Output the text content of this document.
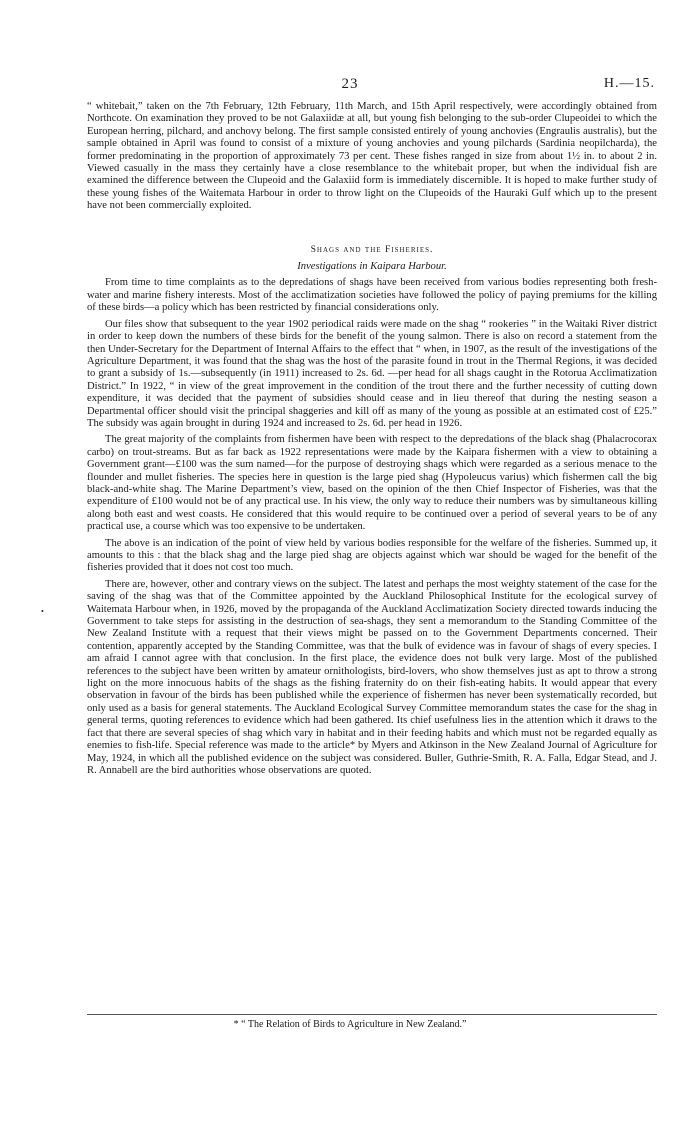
23	H.—15.

“ whitebait,” taken on the 7th February, 12th February, 11th March, and 15th April respectively, were accordingly obtained from Northcote. On examination they proved to be not Galaxiidæ at all, but young fish belonging to the sub-order Clupeoidei to which the European herring, pilchard, and anchovy belong. The first sample consisted entirely of young anchovies (Engraulis australis), but the sample obtained in April was found to consist of a mixture of young anchovies and young pilchards (Sardinia neopilchardа), the former predominating in the proportion of approximately 73 per cent. These fishes ranged in size from about 1½ in. to about 2 in. Viewed casually in the mass they certainly have a close resemblance to the whitebait proper, but when the individual fish are examined the difference between the Clupeoid and the Galaxiid form is immediately discernible. It is hoped to make further study of these young fishes of the Waitemata Harbour in order to throw light on the Clupeoids of the Hauraki Gulf which up to the present have not been commercially exploited.

Shags and the Fisheries.
Investigations in Kaipara Harbour.

From time to time complaints as to the depredations of shags have been received from various bodies representing both fresh-water and marine fishery interests. Most of the acclimatization societies have followed the policy of paying premiums for the killing of these birds—a policy which has been restricted by financial considerations only.

Our files show that subsequent to the year 1902 periodical raids were made on the shag “ rookeries ” in the Waitaki River district in order to keep down the numbers of these birds for the benefit of the young salmon. There is also on record a statement from the then Under-Secretary for the Department of Internal Affairs to the effect that “ when, in 1907, as the result of the investigations of the Agriculture Department, it was found that the shag was the host of the parasite found in trout in the Thermal Regions, it was decided to grant a subsidy of 1s.—subsequently (in 1911) increased to 2s. 6d. —per head for all shags caught in the Rotorua Acclimatization District.” In 1922, “ in view of the great improvement in the condition of the trout there and the further necessity of cutting down expenditure, it was decided that the payment of subsidies should cease and in lieu thereof that during the nesting season a Departmental officer should visit the principal shaggeries and kill off as many of the young as possible at an estimated cost of £25.” The subsidy was again brought in during 1924 and increased to 2s. 6d. per head in 1926.

The great majority of the complaints from fishermen have been with respect to the depredations of the black shag (Phalacrocorax carbo) on trout-streams. But as far back as 1922 representations were made by the Kaipara fishermen with a view to obtaining a Government grant—£100 was the sum named—for the purpose of destroying shags which were regarded as a serious menace to the flounder and mullet fisheries. The species here in question is the large pied shag (Hypoleucus varius) which fishermen call the big black-and-white shag. The Marine Department’s view, based on the opinion of the then Chief Inspector of Fisheries, was that the expenditure of £100 would not be of any practical use. In his view, the only way to reduce their numbers was by simultaneous killing along both east and west coasts. He considered that this would require to be continued over a period of several years to be of any practical use, a course which was too expensive to be undertaken.

The above is an indication of the point of view held by various bodies responsible for the welfare of the fisheries. Summed up, it amounts to this : that the black shag and the large pied shag are objects against which war should be waged for the benefit of the fisheries provided that it does not cost too much.

There are, however, other and contrary views on the subject. The latest and perhaps the most weighty statement of the case for the saving of the shag was that of the Committee appointed by the Auckland Philosophical Institute for the ecological survey of Waitemata Harbour when, in 1926, moved by the propaganda of the Auckland Acclimatization Society directed towards inducing the Government to take steps for assisting in the destruction of sea-shags, they sent a memorandum to the Standing Committee of the New Zealand Institute with a request that their views might be passed on to the Government Departments concerned. Their contention, apparently accepted by the Standing Committee, was that the bulk of evidence was in favour of shags of every species. I am afraid I cannot agree with that conclusion. In the first place, the evidence does not bulk very large. Most of the published references to the subject have been written by amateur ornithologists, bird-lovers, who show themselves just as apt to throw a strong light on the more innocuous habits of the shags as the fishing fraternity do on their fish-eating habits. It would appear that every observation in favour of the birds has been published while the experience of fishermen has never been systematically recorded, but only used as a basis for general statements. The Auckland Ecological Survey Committee memorandum states the case for the shag in general terms, quoting references to evidence which had been gathered. Its chief usefulness lies in the attention which it draws to the fact that there are several species of shag which vary in habitat and in their feeding habits and which must not be regarded equally as enemies to fish-life. Special reference was made to the article* by Myers and Atkinson in the New Zealand Journal of Agriculture for May, 1924, in which all the published evidence on the subject was considered. Buller, Guthrie-Smith, R. A. Falla, Edgar Stead, and J. R. Annabell are the bird authorities whose observations are quoted.

•
* “ The Relation of Birds to Agriculture in New Zealand.”
